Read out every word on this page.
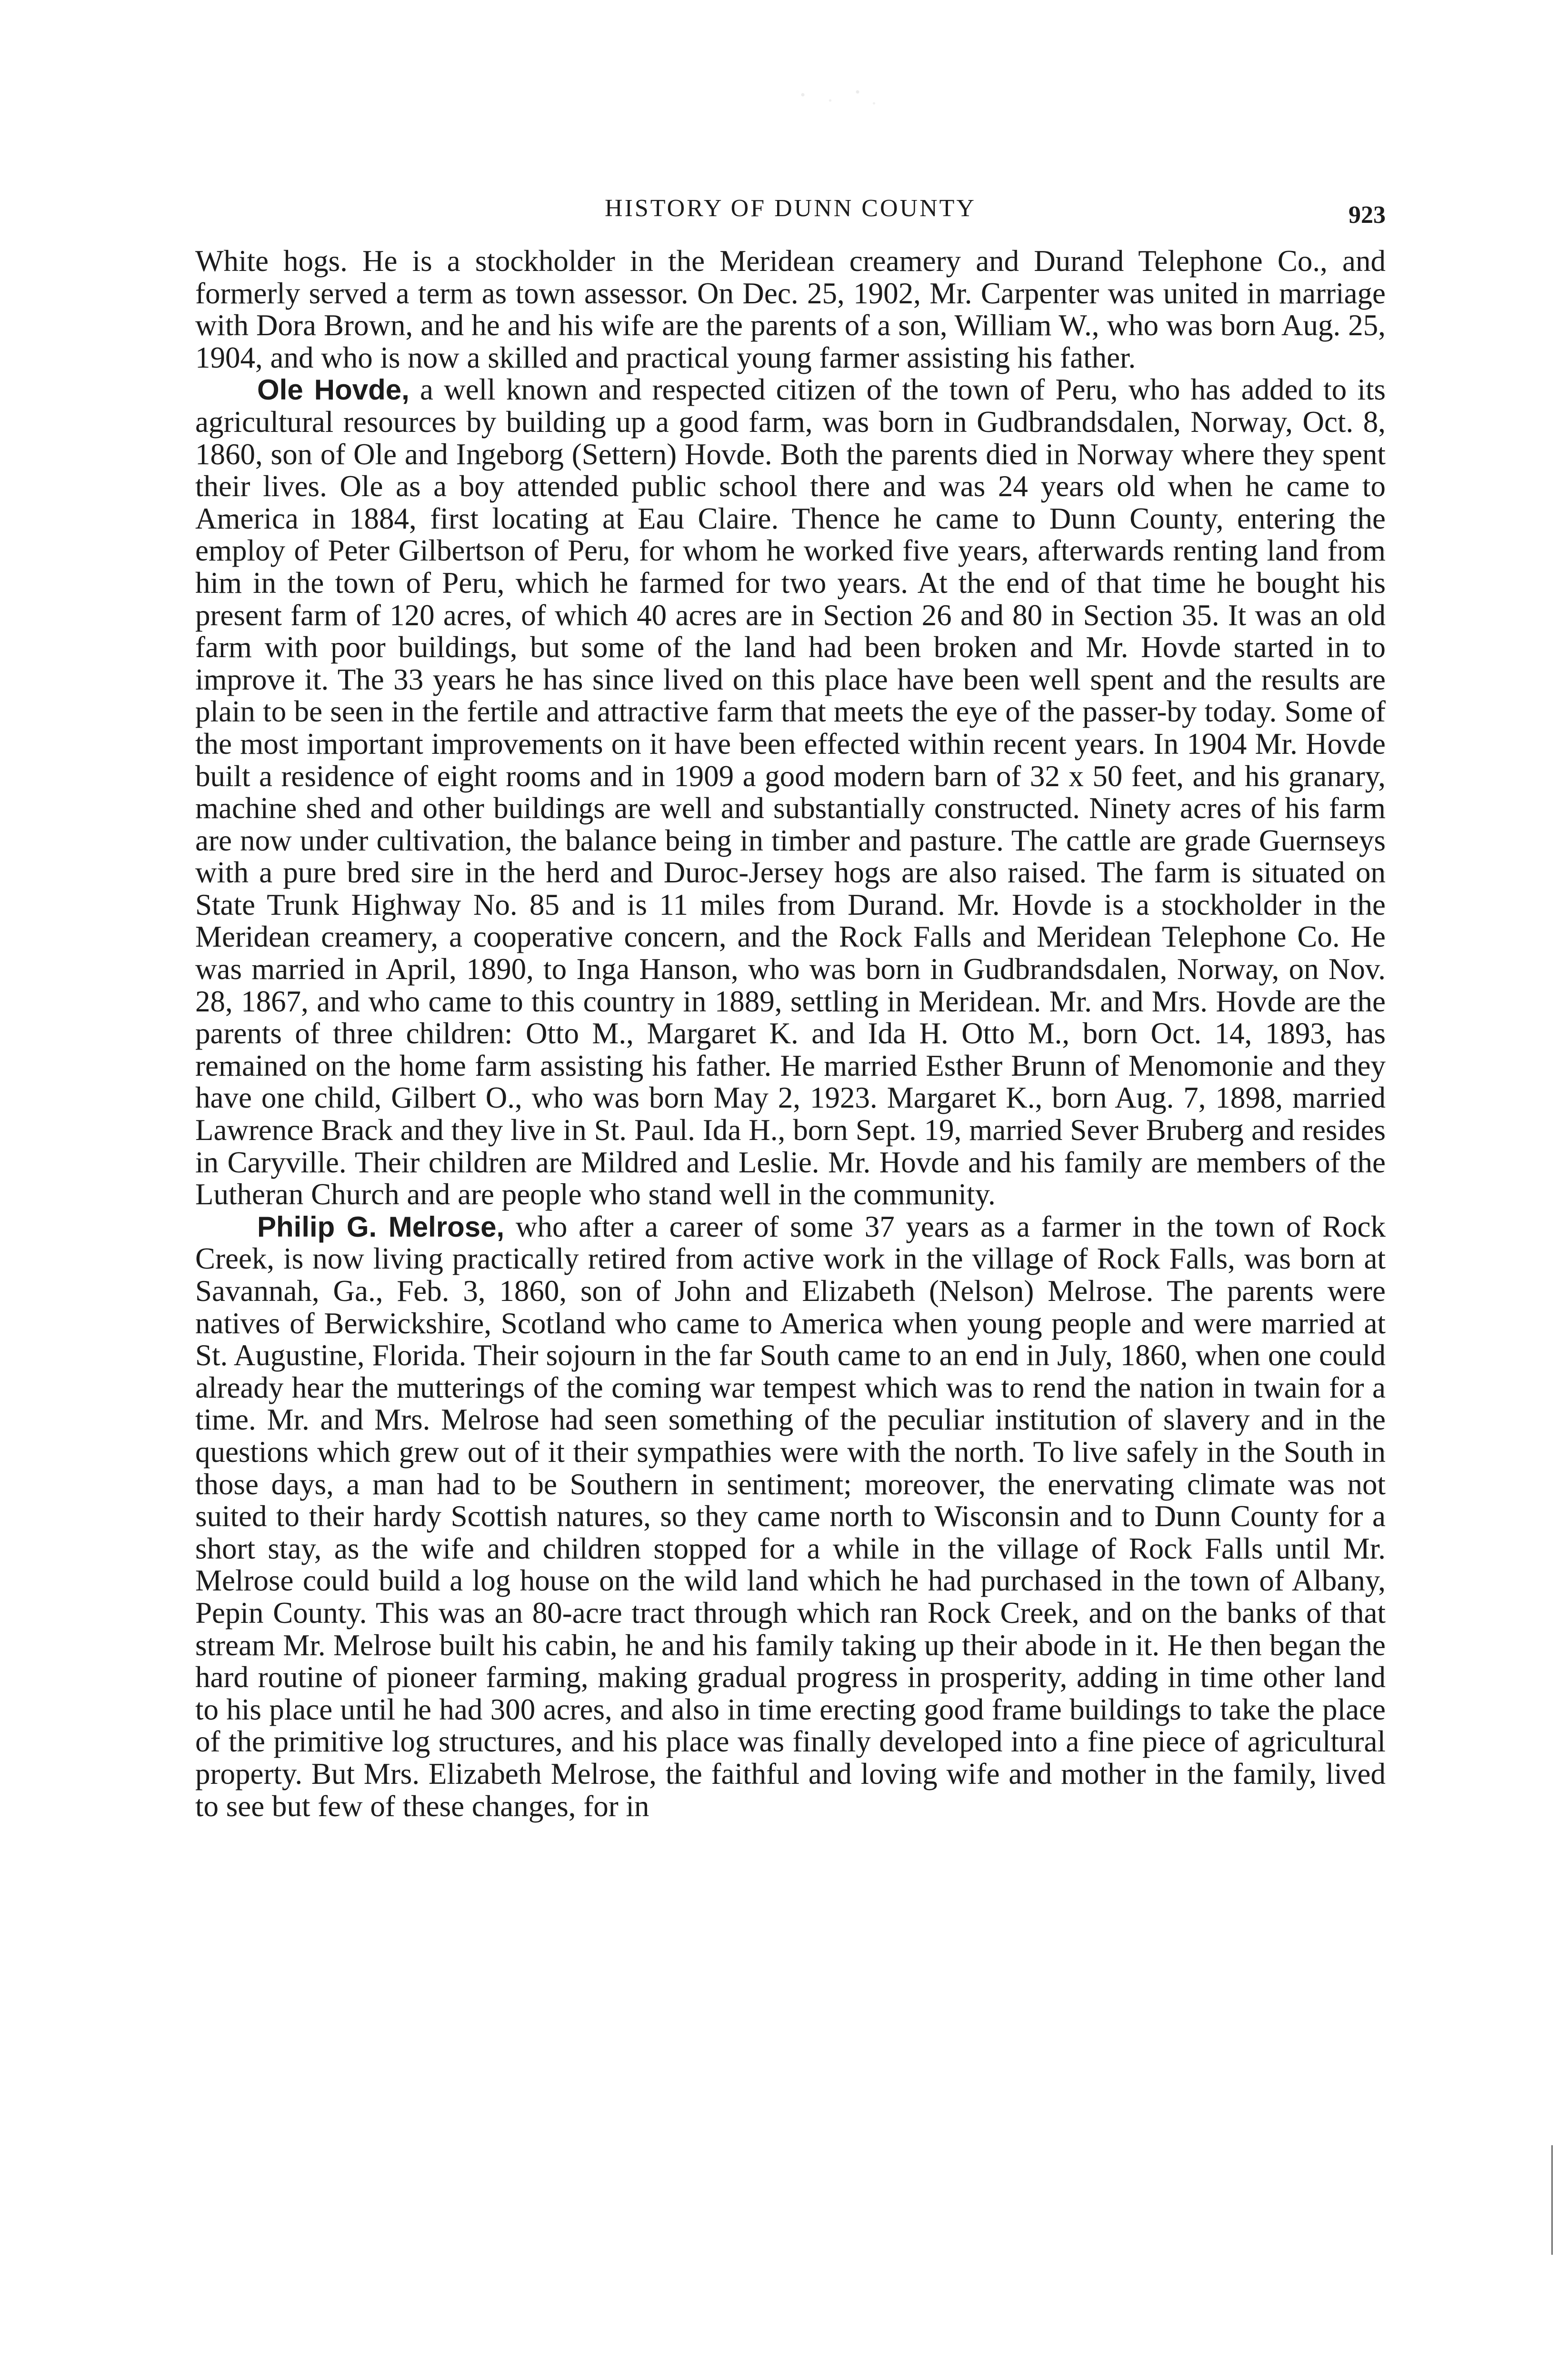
HISTORY OF DUNN COUNTY	923

White hogs. He is a stockholder in the Meridean creamery and Durand Telephone Co., and formerly served a term as town assessor. On Dec. 25, 1902, Mr. Carpenter was united in marriage with Dora Brown, and he and his wife are the parents of a son, William W., who was born Aug. 25, 1904, and who is now a skilled and practical young farmer assisting his father.

Ole Hovde, a well known and respected citizen of the town of Peru, who has added to its agricultural resources by building up a good farm, was born in Gudbrandsdalen, Norway, Oct. 8, 1860, son of Ole and Ingeborg (Settern) Hovde. Both the parents died in Norway where they spent their lives. Ole as a boy attended public school there and was 24 years old when he came to America in 1884, first locating at Eau Claire. Thence he came to Dunn County, entering the employ of Peter Gilbertson of Peru, for whom he worked five years, afterwards renting land from him in the town of Peru, which he farmed for two years. At the end of that time he bought his present farm of 120 acres, of which 40 acres are in Section 26 and 80 in Section 35. It was an old farm with poor buildings, but some of the land had been broken and Mr. Hovde started in to improve it. The 33 years he has since lived on this place have been well spent and the results are plain to be seen in the fertile and attractive farm that meets the eye of the passer-by today. Some of the most important improvements on it have been effected within recent years. In 1904 Mr. Hovde built a residence of eight rooms and in 1909 a good modern barn of 32 x 50 feet, and his granary, machine shed and other buildings are well and substantially constructed. Ninety acres of his farm are now under cultivation, the balance being in timber and pasture. The cattle are grade Guernseys with a pure bred sire in the herd and Duroc-Jersey hogs are also raised. The farm is situated on State Trunk Highway No. 85 and is 11 miles from Durand. Mr. Hovde is a stockholder in the Meridean creamery, a cooperative concern, and the Rock Falls and Meridean Telephone Co. He was married in April, 1890, to Inga Hanson, who was born in Gudbrandsdalen, Norway, on Nov. 28, 1867, and who came to this country in 1889, settling in Meridean. Mr. and Mrs. Hovde are the parents of three children: Otto M., Margaret K. and Ida H. Otto M., born Oct. 14, 1893, has remained on the home farm assisting his father. He married Esther Brunn of Menomonie and they have one child, Gilbert O., who was born May 2, 1923. Margaret K., born Aug. 7, 1898, married Lawrence Brack and they live in St. Paul. Ida H., born Sept. 19, married Sever Bruberg and resides in Caryville. Their children are Mildred and Leslie. Mr. Hovde and his family are members of the Lutheran Church and are people who stand well in the community.

Philip G. Melrose, who after a career of some 37 years as a farmer in the town of Rock Creek, is now living practically retired from active work in the village of Rock Falls, was born at Savannah, Ga., Feb. 3, 1860, son of John and Elizabeth (Nelson) Melrose. The parents were natives of Berwickshire, Scotland who came to America when young people and were married at St. Augustine, Florida. Their sojourn in the far South came to an end in July, 1860, when one could already hear the mutterings of the coming war tempest which was to rend the nation in twain for a time. Mr. and Mrs. Melrose had seen something of the peculiar institution of slavery and in the questions which grew out of it their sympathies were with the north. To live safely in the South in those days, a man had to be Southern in sentiment; moreover, the enervating climate was not suited to their hardy Scottish natures, so they came north to Wisconsin and to Dunn County for a short stay, as the wife and children stopped for a while in the village of Rock Falls until Mr. Melrose could build a log house on the wild land which he had purchased in the town of Albany, Pepin County. This was an 80-acre tract through which ran Rock Creek, and on the banks of that stream Mr. Melrose built his cabin, he and his family taking up their abode in it. He then began the hard routine of pioneer farming, making gradual progress in prosperity, adding in time other land to his place until he had 300 acres, and also in time erecting good frame buildings to take the place of the primitive log structures, and his place was finally developed into a fine piece of agricultural property. But Mrs. Elizabeth Melrose, the faithful and loving wife and mother in the family, lived to see but few of these changes, for in
